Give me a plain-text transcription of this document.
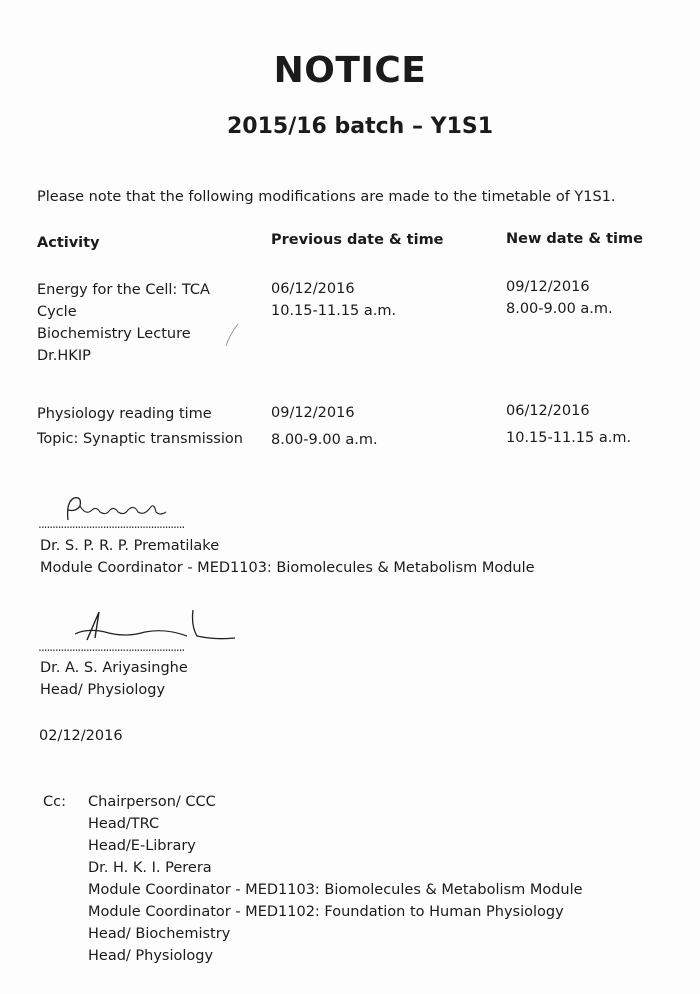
NOTICE
2015/16 batch – Y1S1
Please note that the following modifications are made to the timetable of Y1S1.
Activity	Previous date & time	New date & time
Energy for the Cell: TCA
Cycle
Biochemistry Lecture
Dr.HKIP
06/12/2016
10.15-11.15 a.m.
09/12/2016
8.00-9.00 a.m.
Physiology reading time
Topic: Synaptic transmission
09/12/2016
8.00-9.00 a.m.
06/12/2016
10.15-11.15 a.m.
....................................................
Dr. S. P. R. P. Prematilake
Module Coordinator - MED1103: Biomolecules & Metabolism Module
....................................................
Dr. A. S. Ariyasinghe
Head/ Physiology
02/12/2016
Cc: Chairperson/ CCC
Head/TRC
Head/E-Library
Dr. H. K. I. Perera
Module Coordinator - MED1103: Biomolecules & Metabolism Module
Module Coordinator - MED1102: Foundation to Human Physiology
Head/ Biochemistry
Head/ Physiology
